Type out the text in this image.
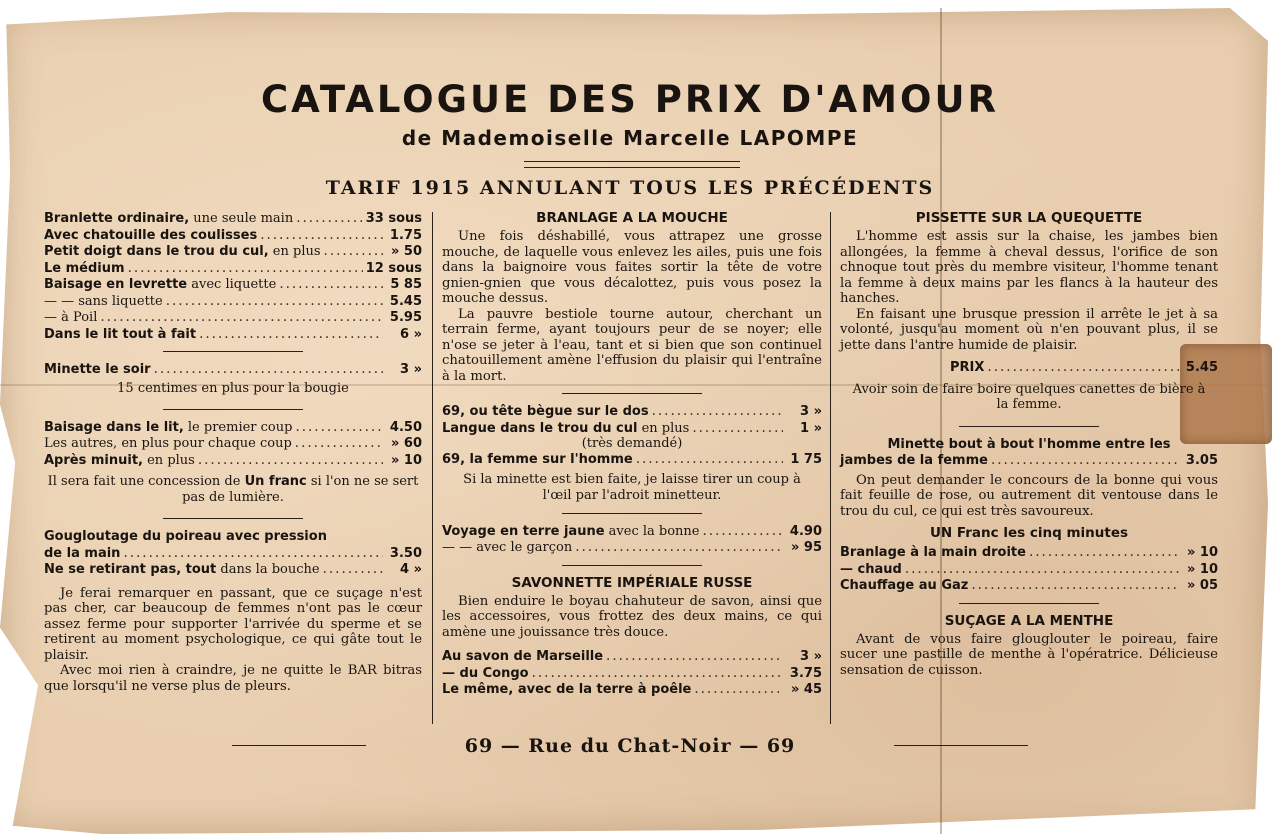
CATALOGUE DES PRIX D'AMOUR
de Mademoiselle Marcelle LAPOMPE
TARIF 1915 ANNULANT TOUS LES PRÉCÉDENTS
Branlette ordinaire, une seule main .....	33 sous
Avec chatouille des coulisses .....	1.75
Petit doigt dans le trou du cul, en plus .....	» 50
Le médium .....	12 sous
Baisage en levrette avec liquette .....	5 85
— — sans liquette .....	5.45
— à Poil .....	5.95
Dans le lit tout à fait .....	6 »
Minette le soir .....	3 »
15 centimes en plus pour la bougie
Baisage dans le lit, le premier coup .....	4.50
Les autres, en plus pour chaque coup .....	» 60
Après minuit, en plus .....	» 10
Il sera fait une concession de Un franc si l'on ne se sert pas de lumière.
Gougloutage du poireau avec pression
de la main .....	3.50
Ne se retirant pas, tout dans la bouche .....	4 »

Je ferai remarquer en passant, que ce suçage n'est pas cher, car beaucoup de femmes n'ont pas le cœur assez ferme pour supporter l'arrivée du sperme et se retirent au moment psychologique, ce qui gâte tout le plaisir.

Avec moi rien à craindre, je ne quitte le BAR bitras que lorsqu'il ne verse plus de pleurs.

BRANLAGE A LA MOUCHE

Une fois déshabillé, vous attrapez une grosse mouche, de laquelle vous enlevez les ailes, puis une fois dans la baignoire vous faites sortir la tête de votre gnien-gnien que vous décalottez, puis vous posez la mouche dessus.

La pauvre bestiole tourne autour, cherchant un terrain ferme, ayant toujours peur de se noyer; elle n'ose se jeter à l'eau, tant et si bien que son continuel chatouillement amène l'effusion du plaisir qui l'entraîne à la mort.

69, ou tête bègue sur le dos .....	3 »
Langue dans le trou du cul en plus .....	1 »
(très demandé)
69, la femme sur l'homme .....	1 75
Si la minette est bien faite, je laisse tirer un coup à l'œil par l'adroit minetteur.
Voyage en terre jaune avec la bonne .....	4.90
— — avec le garçon .....	» 95
SAVONNETTE IMPÉRIALE RUSSE

Bien enduire le boyau chahuteur de savon, ainsi que les accessoires, vous frottez des deux mains, ce qui amène une jouissance très douce.

Au savon de Marseille .....	3 »
— du Congo .....	3.75
Le même, avec de la terre à poêle .....	» 45
PISSETTE SUR LA QUEQUETTE

L'homme est assis sur la chaise, les jambes bien allongées, la femme à cheval dessus, l'orifice de son chnoque tout près du membre visiteur, l'homme tenant la femme à deux mains par les flancs à la hauteur des hanches.

En faisant une brusque pression il arrête le jet à sa volonté, jusqu'au moment où n'en pouvant plus, il se jette dans l'antre humide de plaisir.

PRIX .....	5.45
Avoir soin de faire boire quelques canettes de bière à la femme.
Minette bout à bout l'homme entre les
jambes de la femme .....	3.05

On peut demander le concours de la bonne qui vous fait feuille de rose, ou autrement dit ventouse dans le trou du cul, ce qui est très savoureux.

UN Franc les cinq minutes
Branlage à la main droite .....	» 10
— chaud .....	» 10
Chauffage au Gaz .....	» 05
SUÇAGE A LA MENTHE

Avant de vous faire glouglouter le poireau, faire sucer une pastille de menthe à l'opératrice. Délicieuse sensation de cuisson.

69 — Rue du Chat-Noir — 69
